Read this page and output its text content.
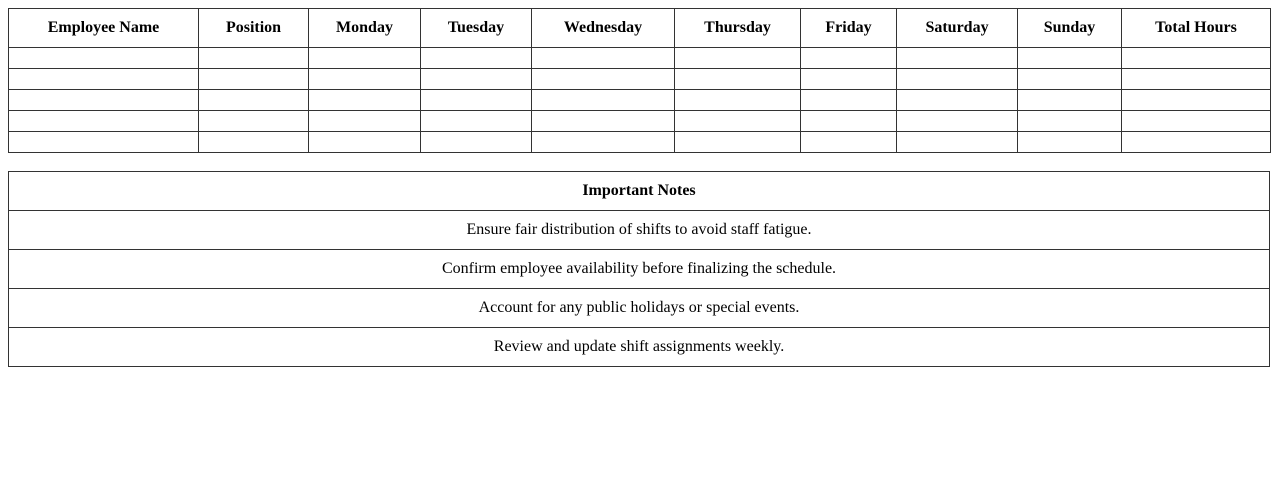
Employee Name	Position	Monday	Tuesday	Wednesday	Thursday	Friday	Saturday	Sunday	Total Hours

Important Notes
Ensure fair distribution of shifts to avoid staff fatigue.
Confirm employee availability before finalizing the schedule.
Account for any public holidays or special events.
Review and update shift assignments weekly.
